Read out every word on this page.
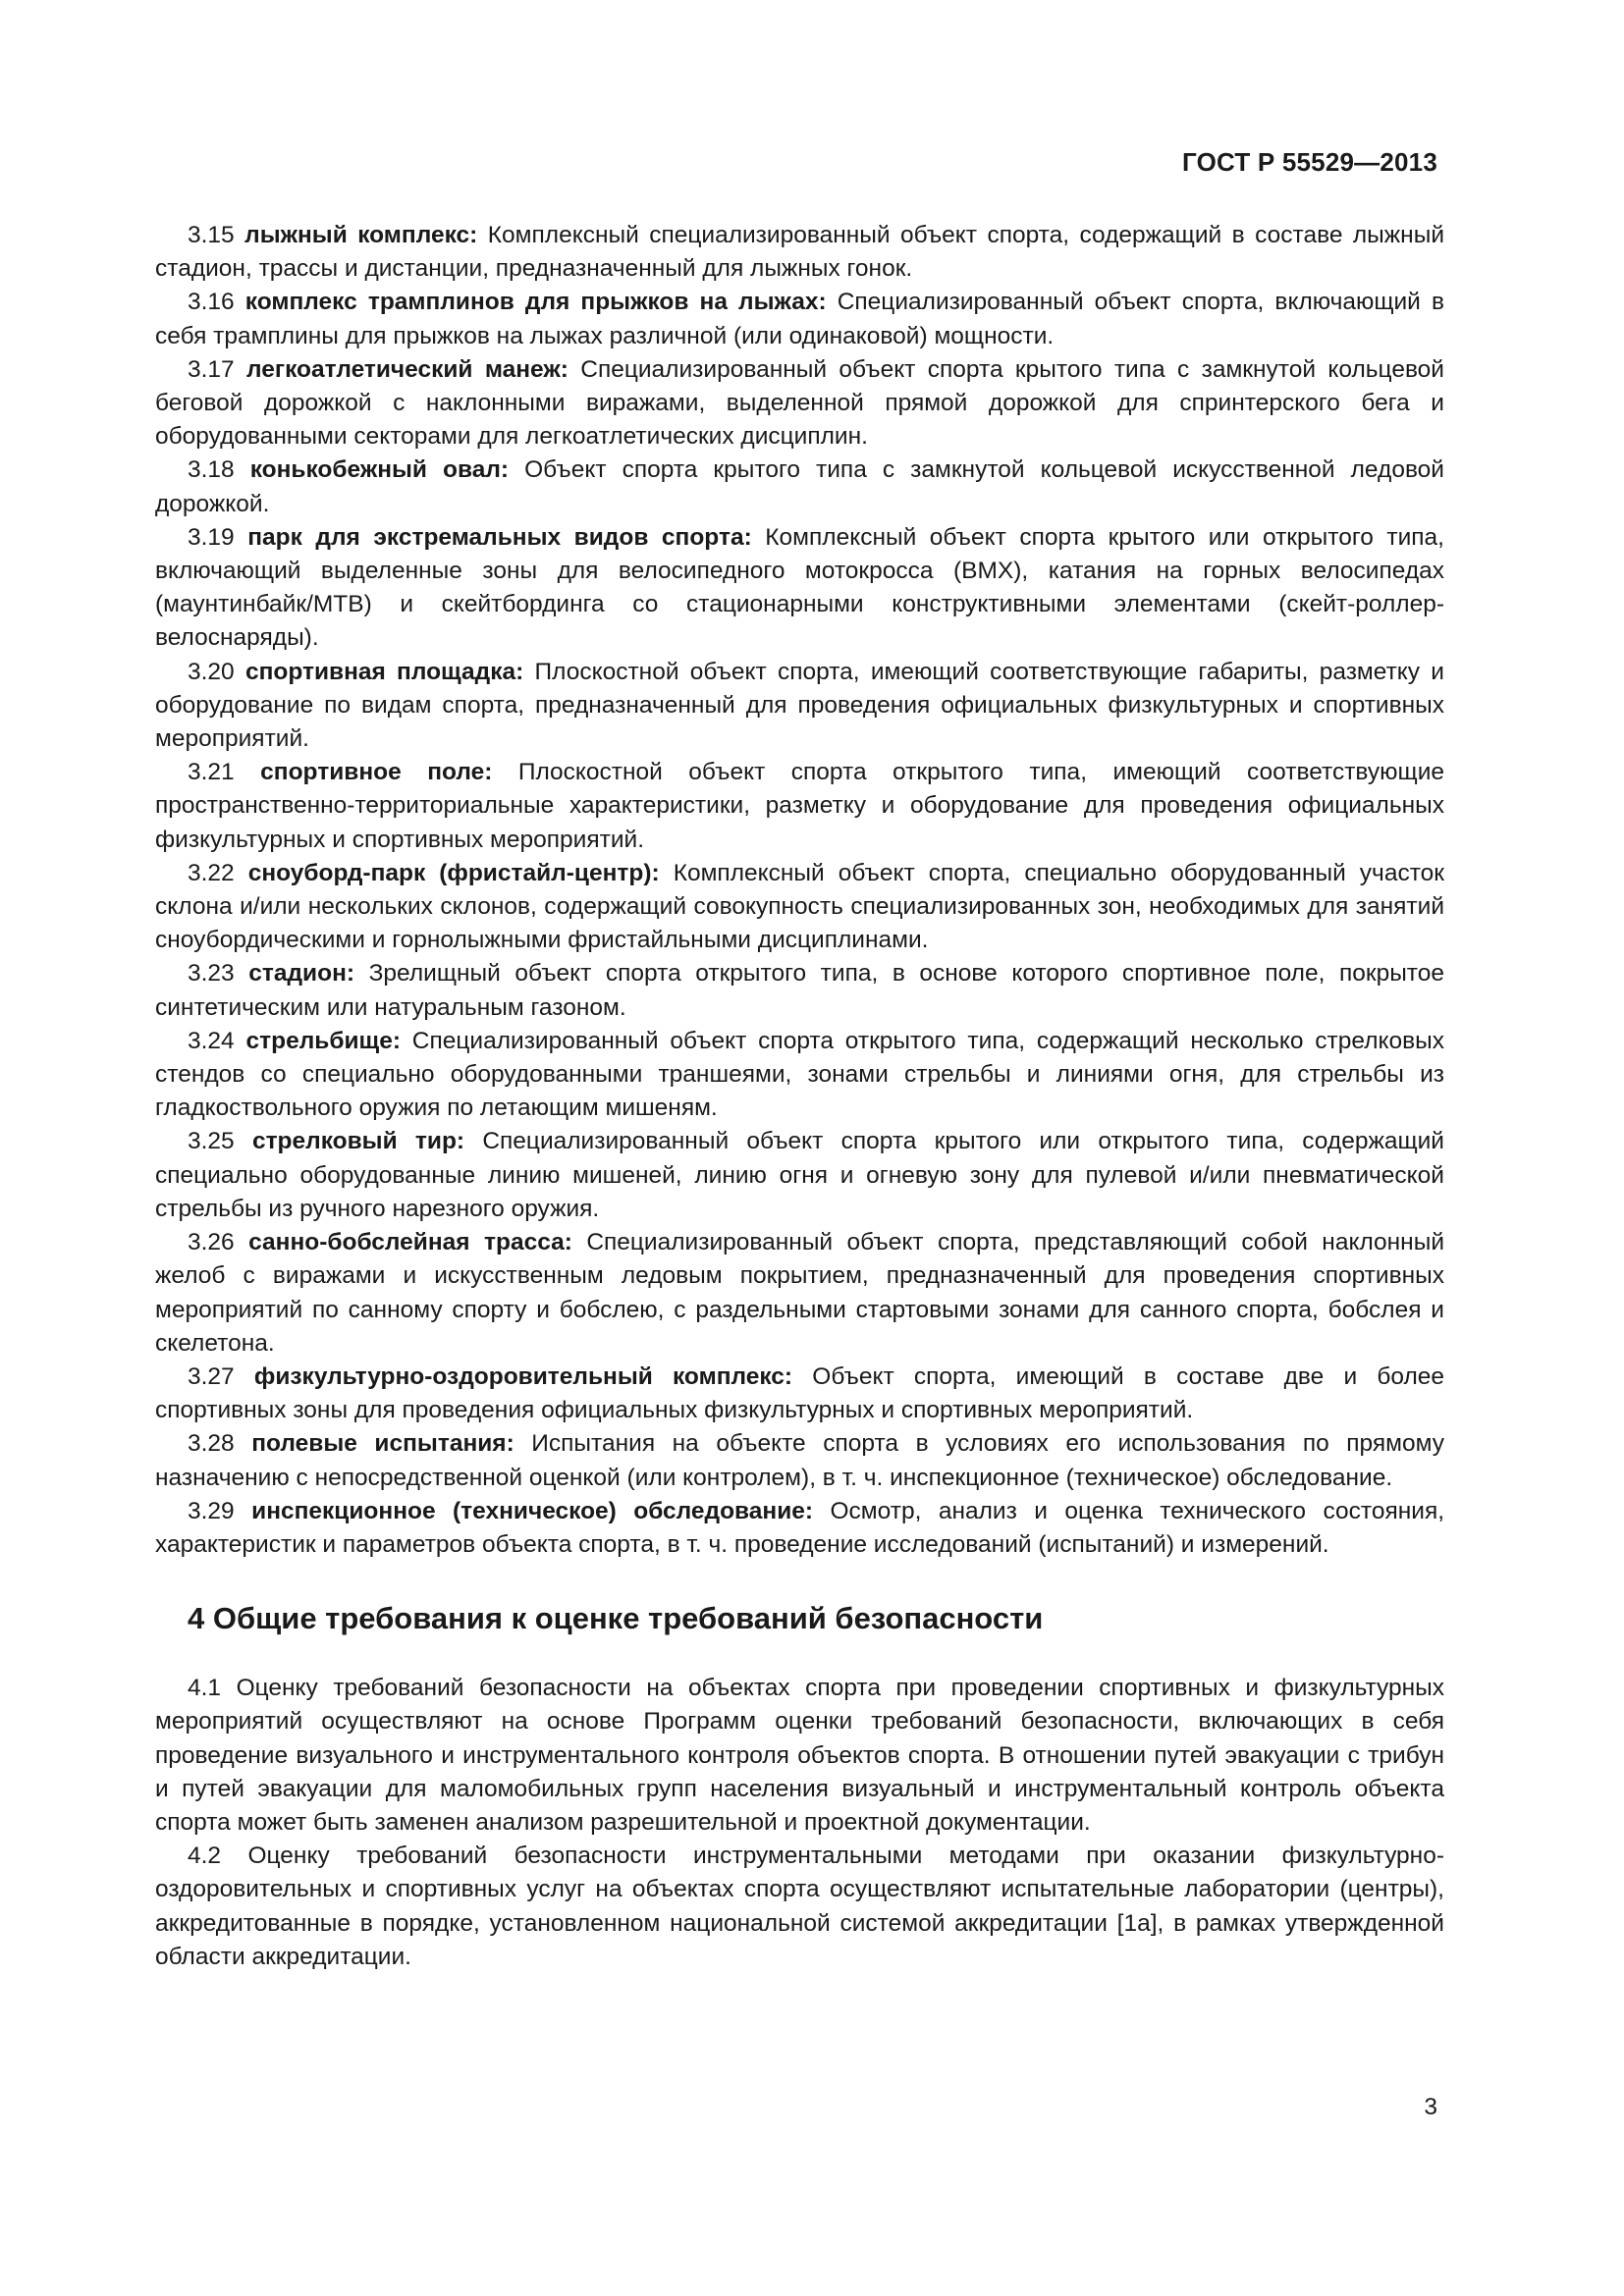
ГОСТ Р 55529—2013

3.15 лыжный комплекс: Комплексный специализированный объект спорта, содержащий в составе лыжный стадион, трассы и дистанции, предназначенный для лыжных гонок.

3.16 комплекс трамплинов для прыжков на лыжах: Специализированный объект спорта, включающий в себя трамплины для прыжков на лыжах различной (или одинаковой) мощности.

3.17 легкоатлетический манеж: Специализированный объект спорта крытого типа с замкнутой кольцевой беговой дорожкой с наклонными виражами, выделенной прямой дорожкой для спринтерского бега и оборудованными секторами для легкоатлетических дисциплин.

3.18 конькобежный овал: Объект спорта крытого типа с замкнутой кольцевой искусственной ледовой дорожкой.

3.19 парк для экстремальных видов спорта: Комплексный объект спорта крытого или открытого типа, включающий выделенные зоны для велосипедного мотокросса (BMX), катания на горных велосипедах (маунтинбайк/МТВ) и скейтбординга со стационарными конструктивными элементами (скейт-роллер-велоснаряды).

3.20 спортивная площадка: Плоскостной объект спорта, имеющий соответствующие габариты, разметку и оборудование по видам спорта, предназначенный для проведения официальных физкультурных и спортивных мероприятий.

3.21 спортивное поле: Плоскостной объект спорта открытого типа, имеющий соответствующие пространственно-территориальные характеристики, разметку и оборудование для проведения официальных физкультурных и спортивных мероприятий.

3.22 сноуборд-парк (фристайл-центр): Комплексный объект спорта, специально оборудованный участок склона и/или нескольких склонов, содержащий совокупность специализированных зон, необходимых для занятий сноубордическими и горнолыжными фристайльными дисциплинами.

3.23 стадион: Зрелищный объект спорта открытого типа, в основе которого спортивное поле, покрытое синтетическим или натуральным газоном.

3.24 стрельбище: Специализированный объект спорта открытого типа, содержащий несколько стрелковых стендов со специально оборудованными траншеями, зонами стрельбы и линиями огня, для стрельбы из гладкоствольного оружия по летающим мишеням.

3.25 стрелковый тир: Специализированный объект спорта крытого или открытого типа, содержащий специально оборудованные линию мишеней, линию огня и огневую зону для пулевой и/или пневматической стрельбы из ручного нарезного оружия.

3.26 санно-бобслейная трасса: Специализированный объект спорта, представляющий собой наклонный желоб с виражами и искусственным ледовым покрытием, предназначенный для проведения спортивных мероприятий по санному спорту и бобслею, с раздельными стартовыми зонами для санного спорта, бобслея и скелетона.

3.27 физкультурно-оздоровительный комплекс: Объект спорта, имеющий в составе две и более спортивных зоны для проведения официальных физкультурных и спортивных мероприятий.

3.28 полевые испытания: Испытания на объекте спорта в условиях его использования по прямому назначению с непосредственной оценкой (или контролем), в т. ч. инспекционное (техническое) обследование.

3.29 инспекционное (техническое) обследование: Осмотр, анализ и оценка технического состояния, характеристик и параметров объекта спорта, в т. ч. проведение исследований (испытаний) и измерений.

4 Общие требования к оценке требований безопасности

4.1 Оценку требований безопасности на объектах спорта при проведении спортивных и физкультурных мероприятий осуществляют на основе Программ оценки требований безопасности, включающих в себя проведение визуального и инструментального контроля объектов спорта. В отношении путей эвакуации с трибун и путей эвакуации для маломобильных групп населения визуальный и инструментальный контроль объекта спорта может быть заменен анализом разрешительной и проектной документации.

4.2 Оценку требований безопасности инструментальными методами при оказании физкультурно-оздоровительных и спортивных услуг на объектах спорта осуществляют испытательные лаборатории (центры), аккредитованные в порядке, установленном национальной системой аккредитации [1а], в рамках утвержденной области аккредитации.

3
